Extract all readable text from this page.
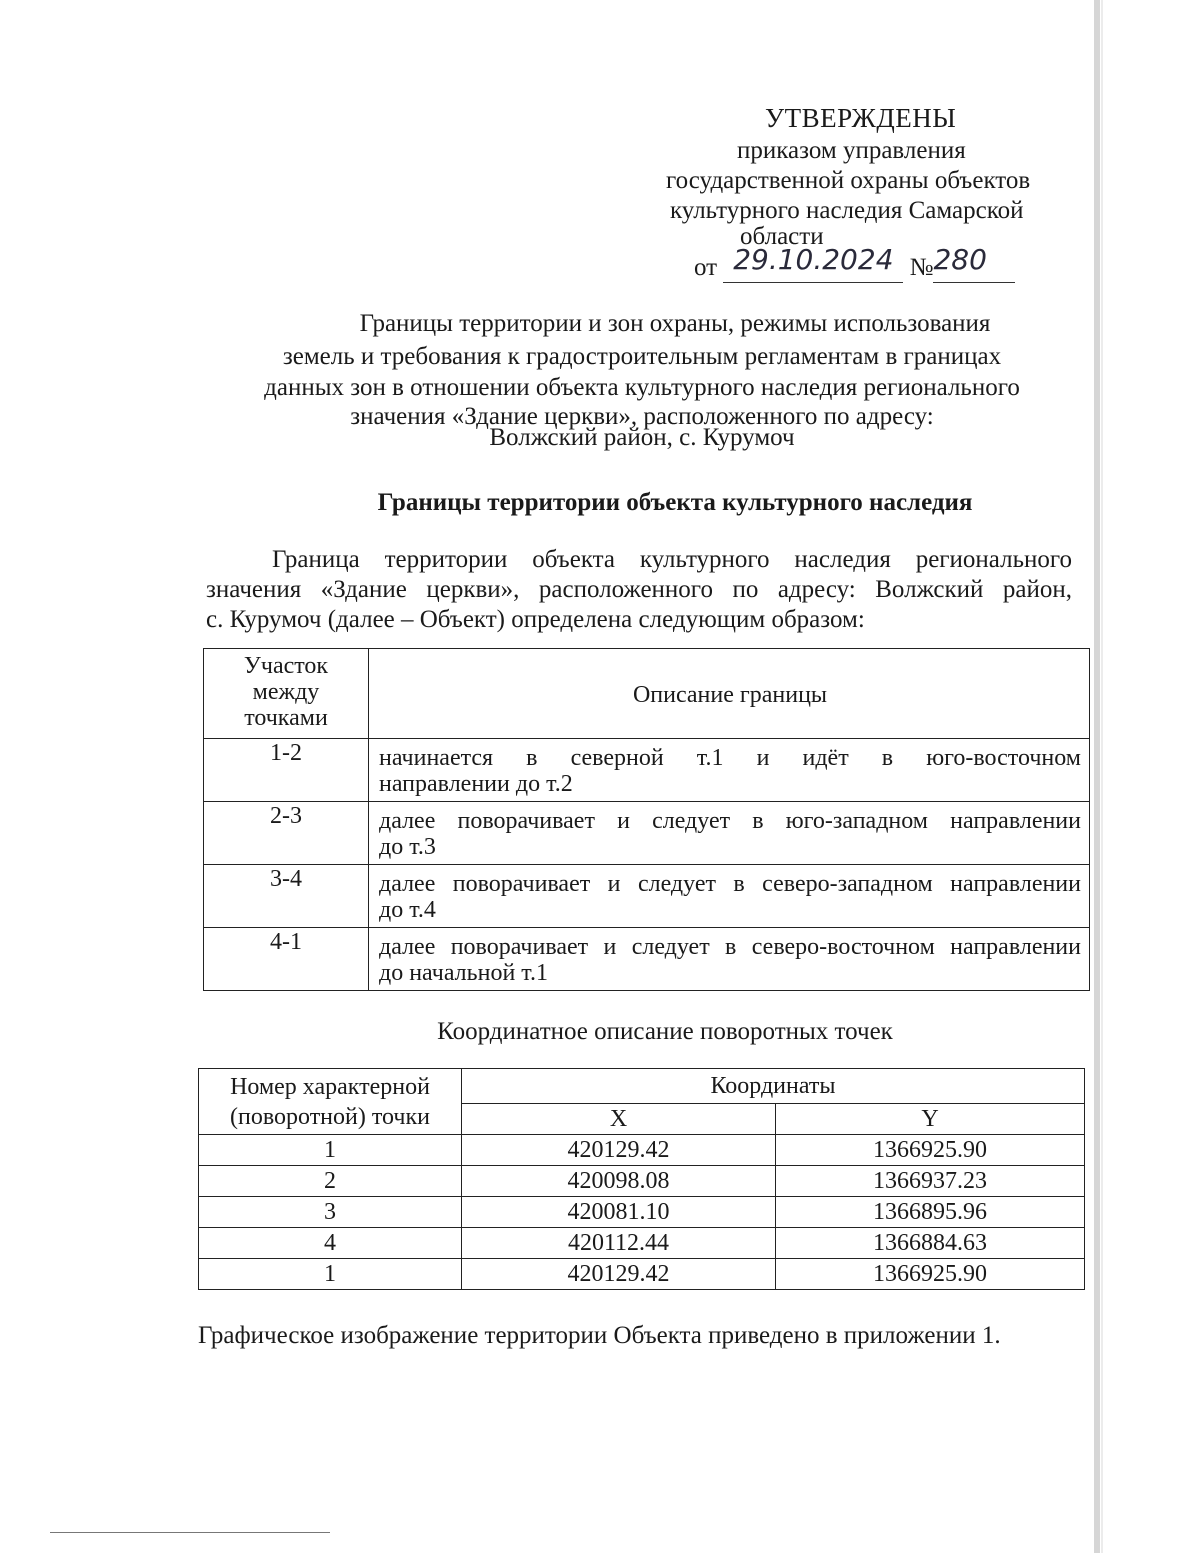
УТВЕРЖДЕНЫ
приказом управления
государственной охраны объектов
культурного наследия Самарской
области
от 29.10.2024 №280
Границы территории и зон охраны, режимы использования
земель и требования к градостроительным регламентам в границах
данных зон в отношении объекта культурного наследия регионального
значения «Здание церкви», расположенного по адресу:
Волжский район, с. Курумоч
Границы территории объекта культурного наследия
Граница территории объекта культурного наследия регионального
значения «Здание церкви», расположенного по адресу: Волжский район,
с. Курумоч (далее – Объект) определена следующим образом:
Участок между точками	Описание границы
1-2	начинается в северной т.1 и идёт в юго-восточном
направлении до т.2

2-3	далее поворачивает и следует в юго-западном направлении
до т.3

3-4	далее поворачивает и следует в северо-западном направлении
до т.4

4-1	далее поворачивает и следует в северо-восточном направлении
до начальной т.1
Координатное описание поворотных точек
Номер характерной (поворотной) точки	Координаты	
	X	Y
1	420129.42	1366925.90
2	420098.08	1366937.23
3	420081.10	1366895.96
4	420112.44	1366884.63
1	420129.42	1366925.90
Графическое изображение территории Объекта приведено в приложении 1.
